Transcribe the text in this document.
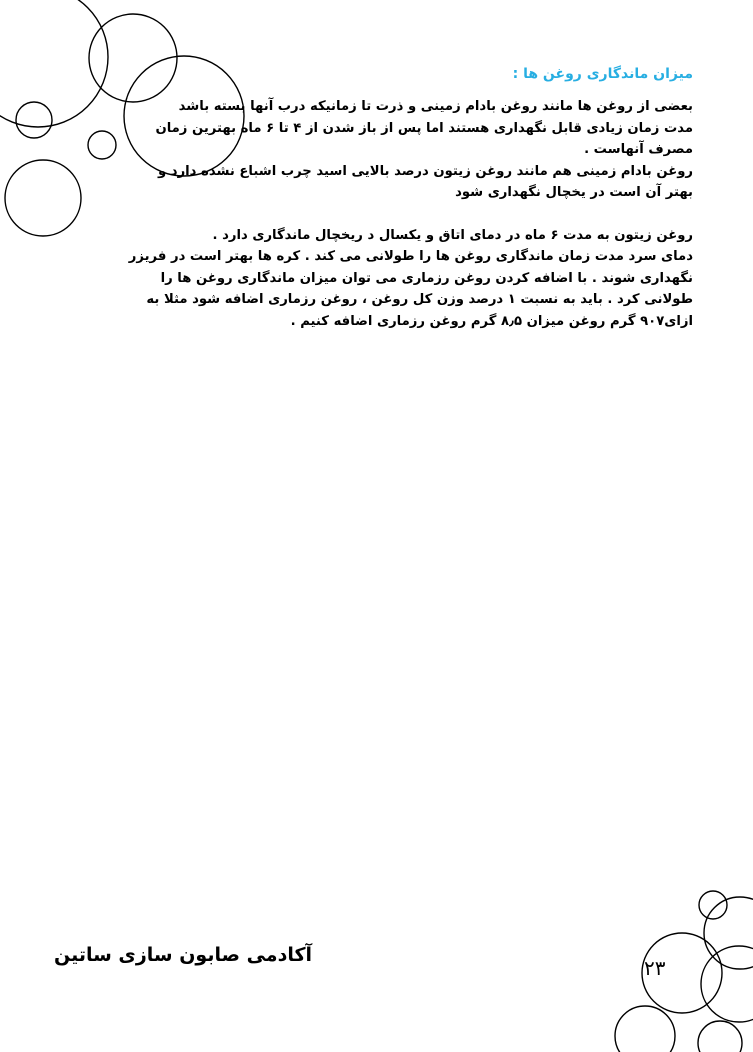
میزان ماندگاری روغن ها :
بعضی از روغن ها مانند روغن بادام زمینی و ذرت تا زمانیکه درب آنها بسته باشد
مدت زمان زیادی قابل نگهداری هستند اما پس از باز شدن از ۴ تا ۶ ماه بهترین زمان
مصرف آنهاست .
روغن بادام زمینی هم مانند روغن زیتون درصد بالایی اسید چرب اشباع نشده دارد و
بهتر آن است در یخچال نگهداری شود
روغن زیتون به مدت ۶ ماه در دمای اتاق و یکسال د ریخچال ماندگاری دارد .
دمای سرد مدت زمان ماندگاری روغن ها را طولانی می کند . کره ها بهتر است در فریزر
نگهداری شوند . با اضافه کردن روغن رزماری می توان میزان ماندگاری روغن ها را
طولانی کرد . باید به نسبت ۱ درصد وزن کل روغن ، روغن رزماری اضافه شود مثلا به
ازای۹۰۷ گرم روغن میزان ۸٫۵ گرم روغن رزماری اضافه کنیم .
آکادمی صابون سازی ساتین
۲۳
